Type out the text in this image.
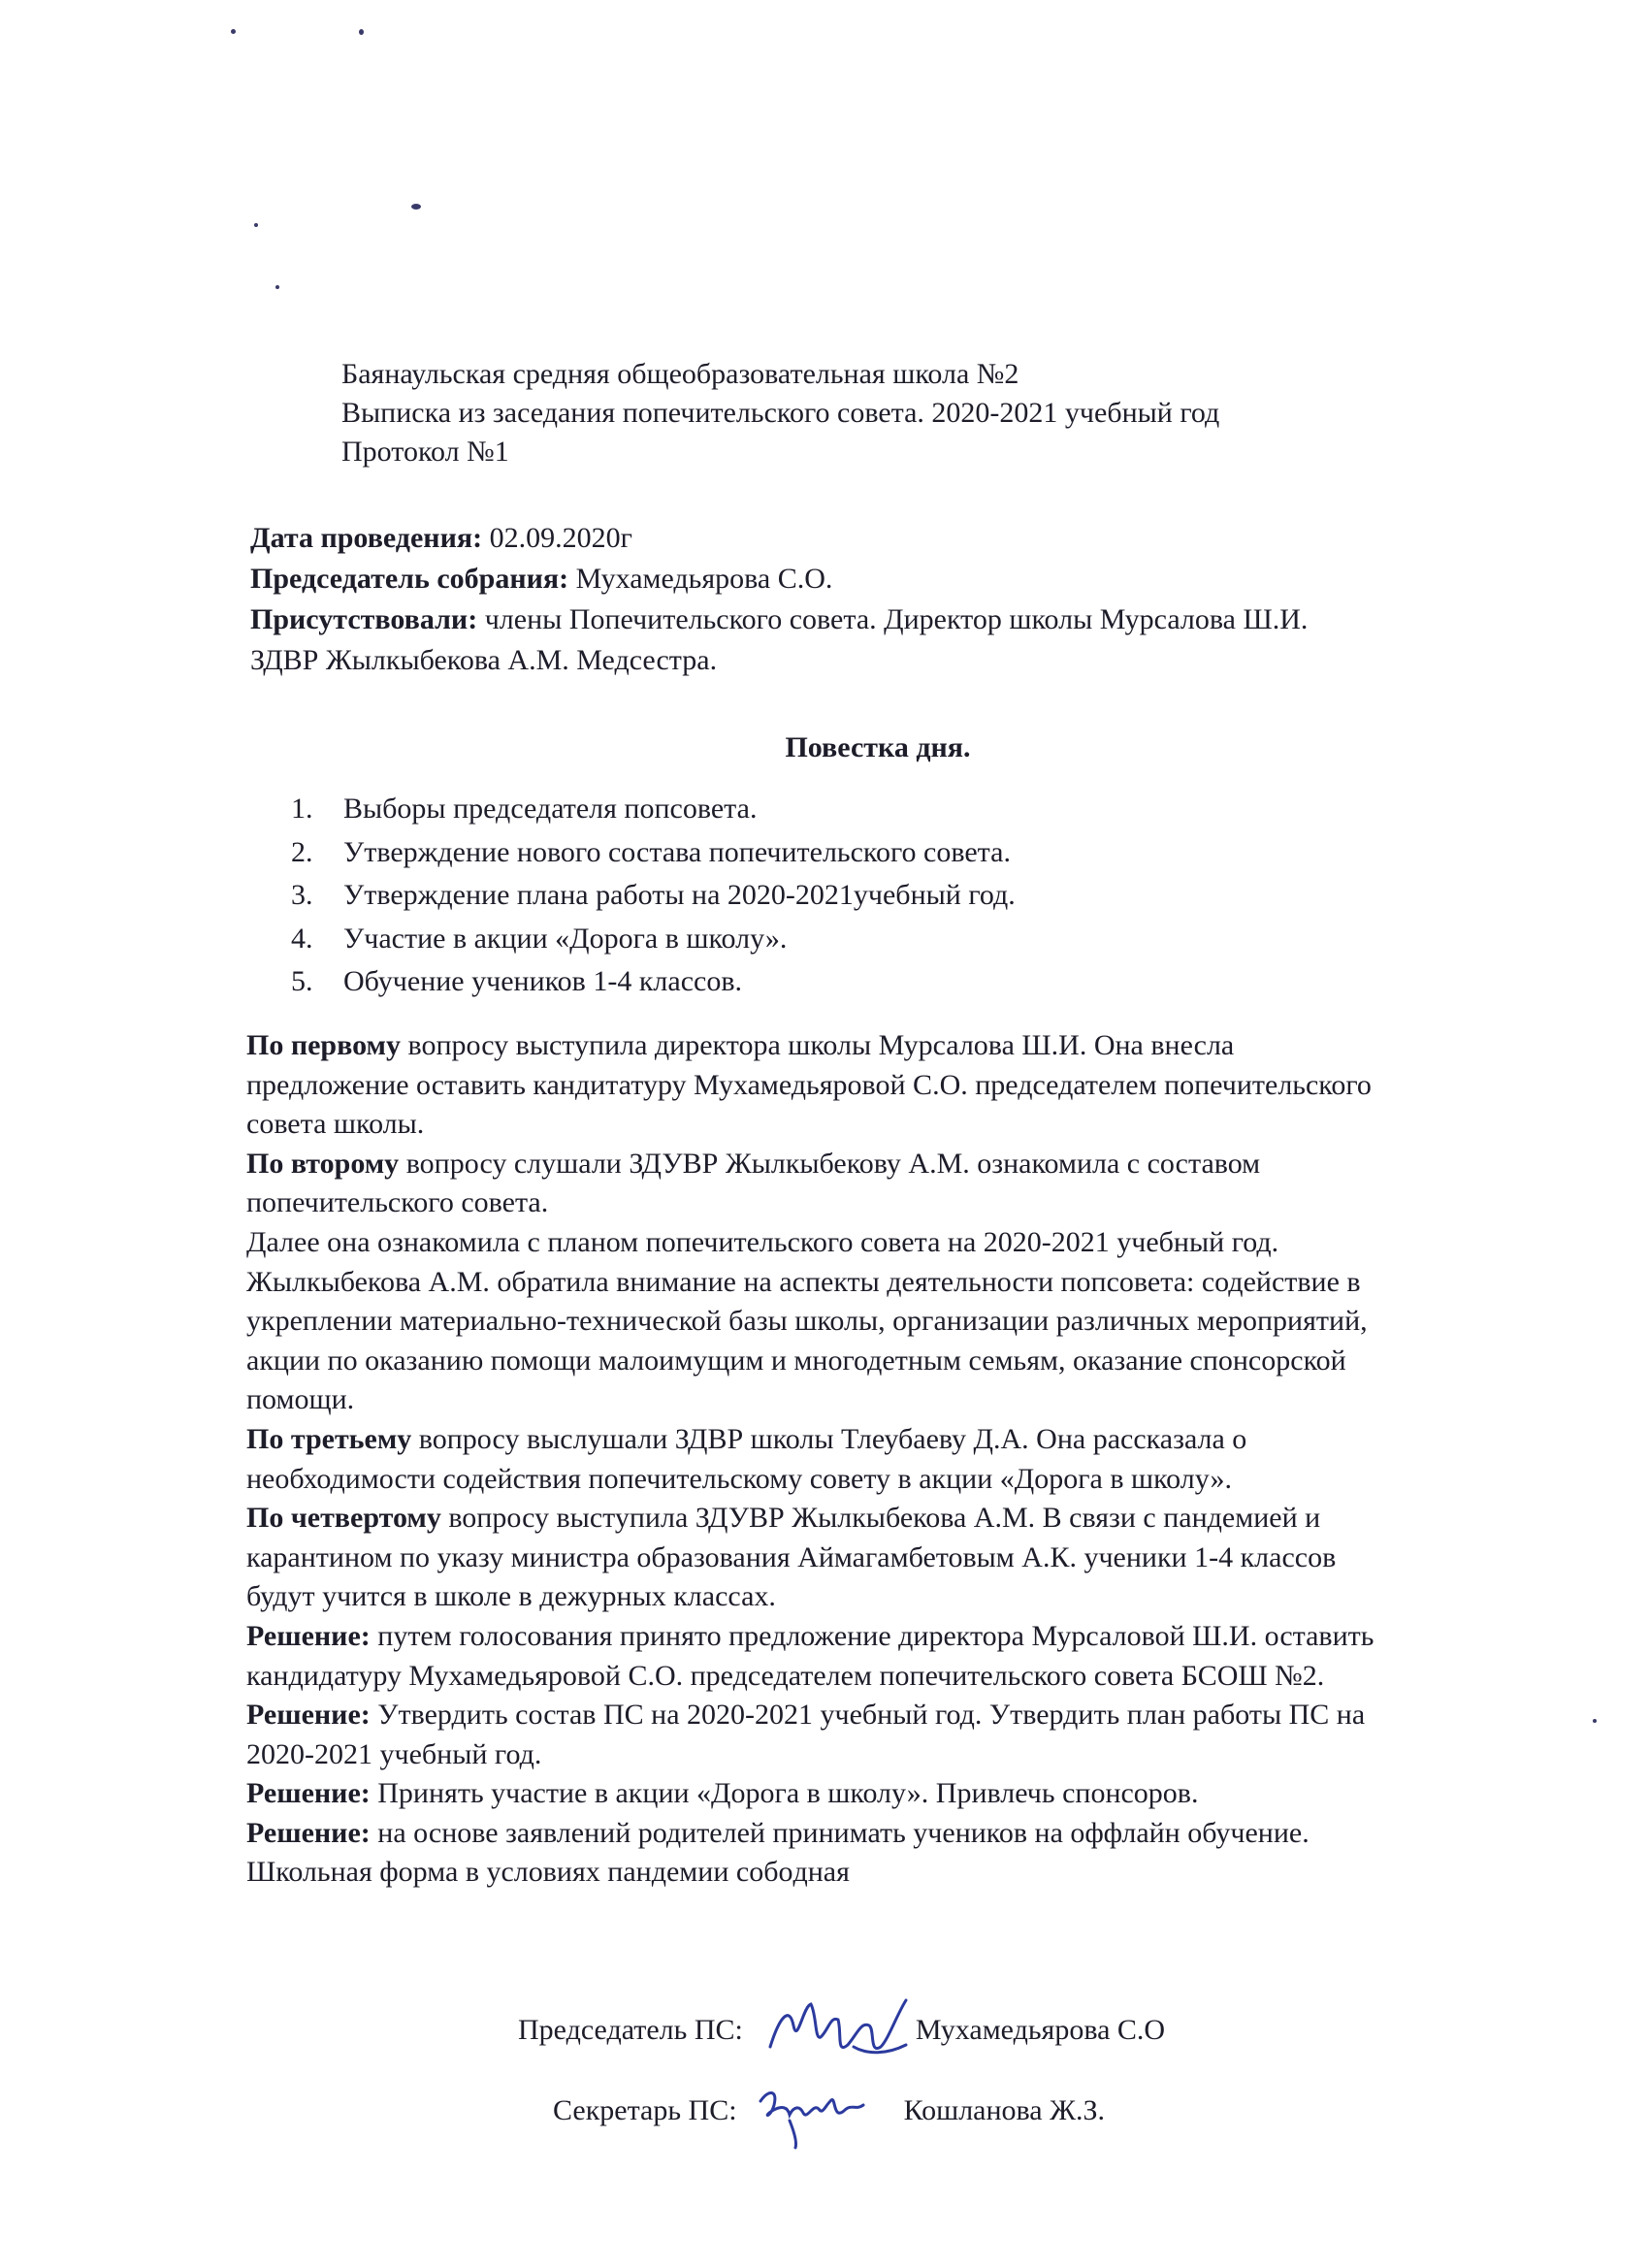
Баянаульская средняя общеобразовательная школа №2
Выписка из заседания попечительского совета. 2020-2021 учебный год
Протокол №1
Дата проведения: 02.09.2020г
Председатель собрания: Мухамедьярова С.О.
Присутствовали: члены Попечительского совета. Директор школы Мурсалова Ш.И.
ЗДВР Жылкыбекова А.М. Медсестра.
Повестка дня.
1.	Выборы председателя попсовета.
2.	Утверждение нового состава попечительского совета.
3.	Утверждение плана работы на 2020-2021учебный год.
4.	Участие в акции «Дорога в школу».
5.	Обучение учеников 1-4 классов.

По первому вопросу выступила директора школы Мурсалова Ш.И. Она внесла

предложение оставить кандитатуру Мухамедьяровой С.О. председателем попечительского

совета школы.

По второму вопросу слушали ЗДУВР Жылкыбекову А.М. ознакомила с составом

попечительского совета.

Далее она ознакомила с планом попечительского совета на 2020-2021 учебный год.

Жылкыбекова А.М. обратила внимание на аспекты деятельности попсовета: содействие в

укреплении материально-технической базы школы, организации различных мероприятий,

акции по оказанию помощи малоимущим и многодетным семьям, оказание спонсорской

помощи.

По третьему вопросу выслушали ЗДВР школы Тлеубаеву Д.А. Она рассказала о

необходимости содействия попечительскому совету в акции «Дорога в школу».

По четвертому вопросу выступила ЗДУВР Жылкыбекова А.М. В связи с пандемией и

карантином по указу министра образования Аймагамбетовым А.К. ученики 1-4 классов

будут учится в школе в дежурных классах.

Решение: путем голосования принято предложение директора Мурсаловой Ш.И. оставить

кандидатуру Мухамедьяровой С.О. председателем попечительского совета БСОШ №2.

Решение: Утвердить состав ПС на 2020-2021 учебный год. Утвердить план работы ПС на

2020-2021 учебный год.

Решение: Принять участие в акции «Дорога в школу». Привлечь спонсоров.

Решение: на основе заявлений родителей принимать учеников на оффлайн обучение.

Школьная форма в условиях пандемии собoдная

Председатель ПС:	Мухамедьярова С.О
Секретарь ПС:	Кошланова Ж.З.
